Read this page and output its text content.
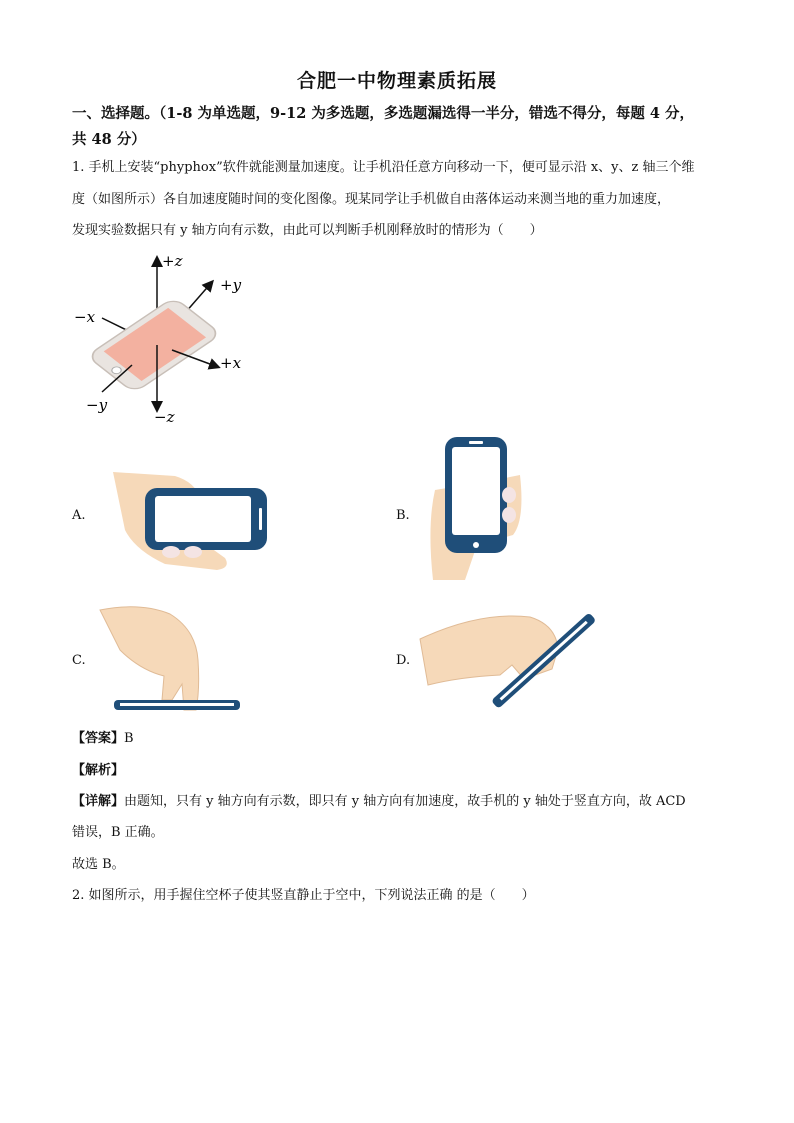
合肥一中物理素质拓展
一、选择题。（1-8 为单选题，9-12 为多选题，多选题漏选得一半分，错选不得分，每题 4 分，
共 48 分）
1. 手机上安装“phyphox”软件就能测量加速度。让手机沿任意方向移动一下，便可显示沿 x、y、z 轴三个维
度（如图所示）各自加速度随时间的变化图像。现某同学让手机做自由落体运动来测当地的重力加速度，
发现实验数据只有 y 轴方向有示数，由此可以判断手机刚释放时的情形为（　　）
+z
+y
−x
+x
−y
−z
A.	B.
C.	D.
【答案】B
【解析】
【详解】由题知，只有 y 轴方向有示数，即只有 y 轴方向有加速度，故手机的 y 轴处于竖直方向，故 ACD
错误，B 正确。
故选 B。
2. 如图所示，用手握住空杯子使其竖直静止于空中，下列说法正确 的是（　　）
